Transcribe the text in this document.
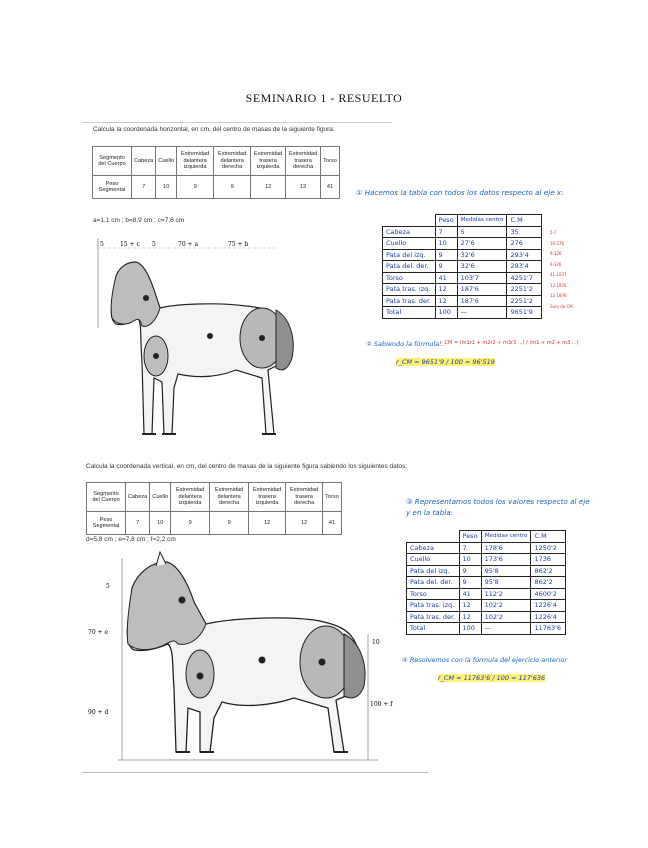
SEMINARIO 1 - RESUELTO
Calcula la coordenada horizontal, en cm, del centro de masas de la siguiente figura:
Segmento del Cuerpo	Cabeza	Cuello	Extremidad delantera izquierda	Extremidad delantera derecha	Extremidad trasera izquierda	Extremidad trasera derecha	Torso
Peso Segmental	7	10	9	9	12	12	41
a=1,1 cm ; b=8,9 cm ; c=7,6 cm
5	15 + c 5	70 + a	75 + b
① Hacemos la tabla con todos los datos respecto al eje x:
	Peso	Medidas centro	C.M
Cabeza	7	5	35
Cuello	10	27'6	276
Pata del izq.	9	32'6	293'4
Pata del. der.	9	32'6	293'4
Torso	41	103'7	4251'7
Pata tras. izq.	12	187'6	2251'2
Pata tras. der.	12	187'6	2251'2
Total	100	—	9651'9
5·7
10·276
9·326
9·326
41·1037
12·1876
12·1876
Sum de CM
② Sabiendo la fórmula:
r_CM = (m1r1 + m2r2 + m3r3 ...) / (m1 + m2 + m3 ...)
r_CM = 9651'9 / 100 = 96'519
Calcula la coordenada vertical, en cm, del centro de masas de la siguiente figura sabiendo los siguientes datos:
Segmento del Cuerpo	Cabeza	Cuello	Extremidad delantera izquierda	Extremidad delantera derecha	Extremidad trasera izquierda	Extremidad trasera derecha	Torso
Peso Segmental	7	10	9	9	12	12	41
d=5,8 cm ; e=7,8 cm ; f=2,2 cm
5
70 + e
90 + d
10
100 + f
③ Representamos todos los valores respecto al eje y en la tabla:
	Peso	Medidas centro	C.M
Cabeza	7	178'6	1250'2
Cuello	10	173'6	1736
Pata del izq.	9	95'8	862'2
Pata del. der.	9	95'8	862'2
Torso	41	112'2	4600'2
Pata tras. izq.	12	102'2	1226'4
Pata tras. der.	12	102'2	1226'4
Total	100	—	11763'6
④ Resolvemos con la fórmula del ejercicio anterior
r_CM = 11763'6 / 100 = 117'636
